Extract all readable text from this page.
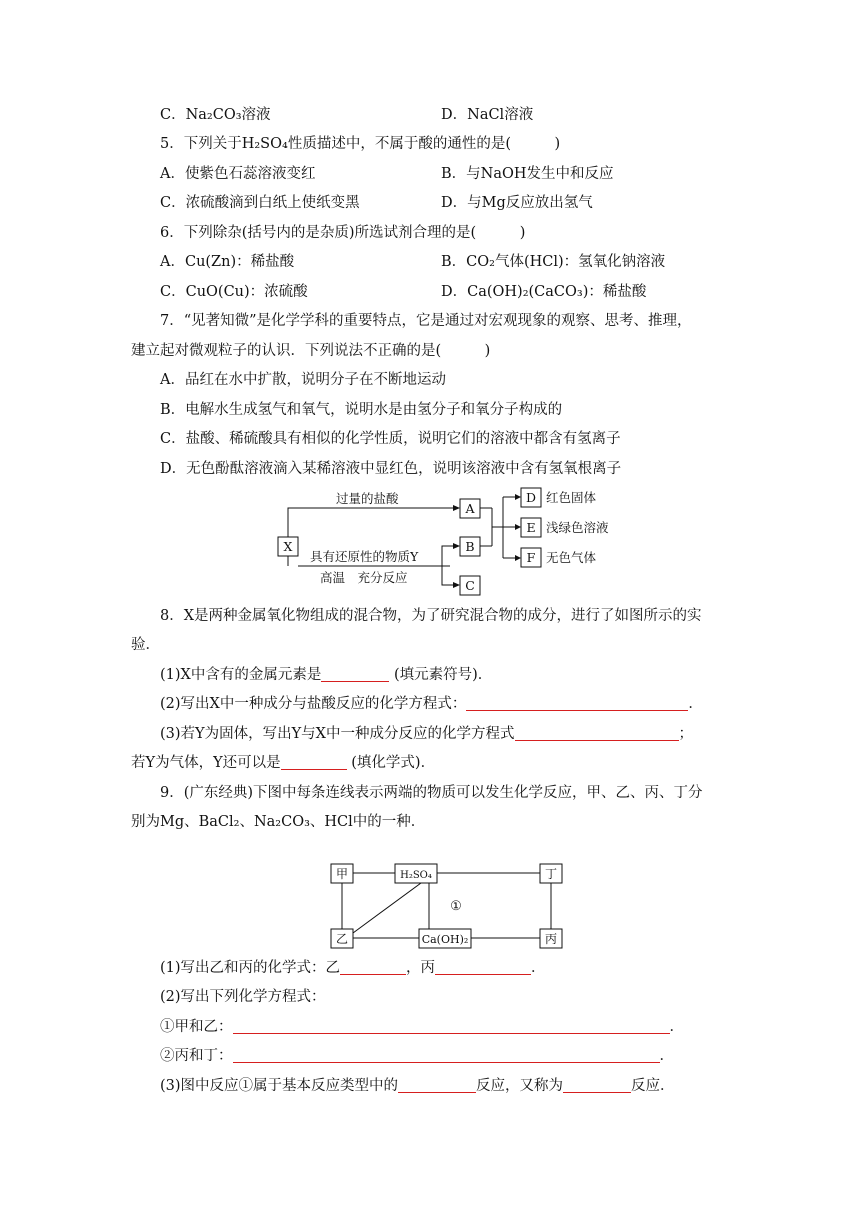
C．Na₂CO₃溶液	D．NaCl溶液
5．下列关于H₂SO₄性质描述中，不属于酸的通性的是(　　　)
A．使紫色石蕊溶液变红	B．与NaOH发生中和反应
C．浓硫酸滴到白纸上使纸变黑	D．与Mg反应放出氢气
6．下列除杂(括号内的是杂质)所选试剂合理的是(　　　)
A．Cu(Zn)：稀盐酸	B．CO₂气体(HCl)：氢氧化钠溶液
C．CuO(Cu)：浓硫酸	D．Ca(OH)₂(CaCO₃)：稀盐酸
7．“见著知微”是化学学科的重要特点，它是通过对宏观现象的观察、思考、推理，
建立起对微观粒子的认识．下列说法不正确的是(　　　)
A．品红在水中扩散，说明分子在不断地运动
B．电解水生成氢气和氧气，说明水是由氢分子和氧分子构成的
C．盐酸、稀硫酸具有相似的化学性质，说明它们的溶液中都含有氢离子
D．无色酚酞溶液滴入某稀溶液中显红色，说明该溶液中含有氢氧根离子
X
A
B
C
D
E
F
过量的盐酸
具有还原性的物质Y
高温　充分反应
红色固体
浅绿色溶液
无色气体
8．X是两种金属氧化物组成的混合物，为了研究混合物的成分，进行了如图所示的实
验．
(1)X中含有的金属元素是	(填元素符号)．
(2)写出X中一种成分与盐酸反应的化学方程式：	．
(3)若Y为固体，写出Y与X中一种成分反应的化学方程式	；
若Y为气体，Y还可以是	(填化学式)．
9．(广东经典)下图中每条连线表示两端的物质可以发生化学反应，甲、乙、丙、丁分
别为Mg、BaCl₂、Na₂CO₃、HCl中的一种．
甲	H₂SO₄	丁
乙	Ca(OH)₂	丙
①
(1)写出乙和丙的化学式：乙	，丙	．
(2)写出下列化学方程式：
①甲和乙：	．
②丙和丁：	．
(3)图中反应①属于基本反应类型中的	反应，又称为	反应．
